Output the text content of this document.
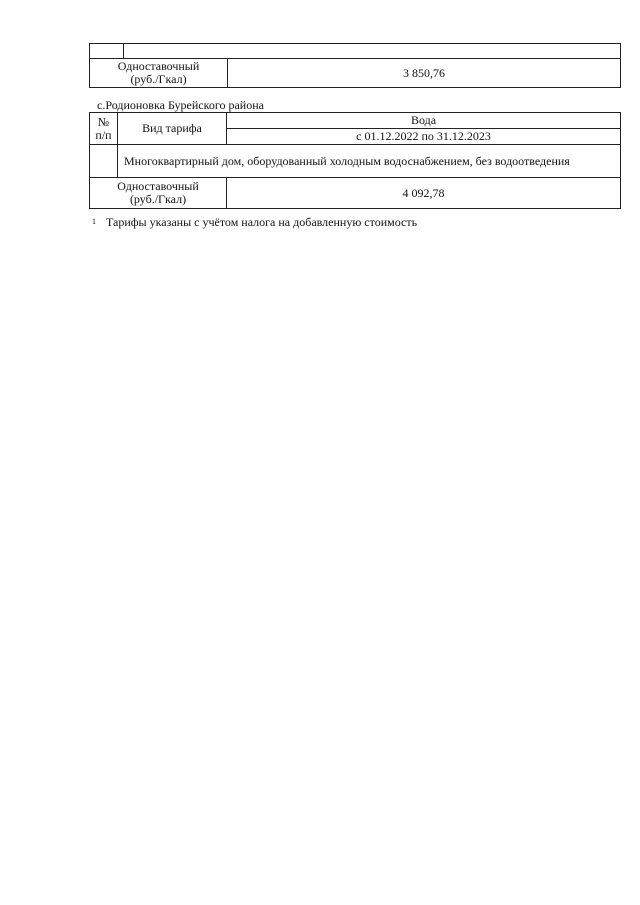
Одноставочный
(руб./Гкал)		3 850,76
с.Родионовка Бурейского района
№
п/п	Вид тарифа	Вода
		с 01.12.2022 по 31.12.2023
	Многоквартирный дом, оборудованный холодным водоснабжением, без водоотведения	
Одноставочный
(руб./Гкал)		4 092,78
$^1$ Тарифы указаны с учётом налога на добавленную стоимость
